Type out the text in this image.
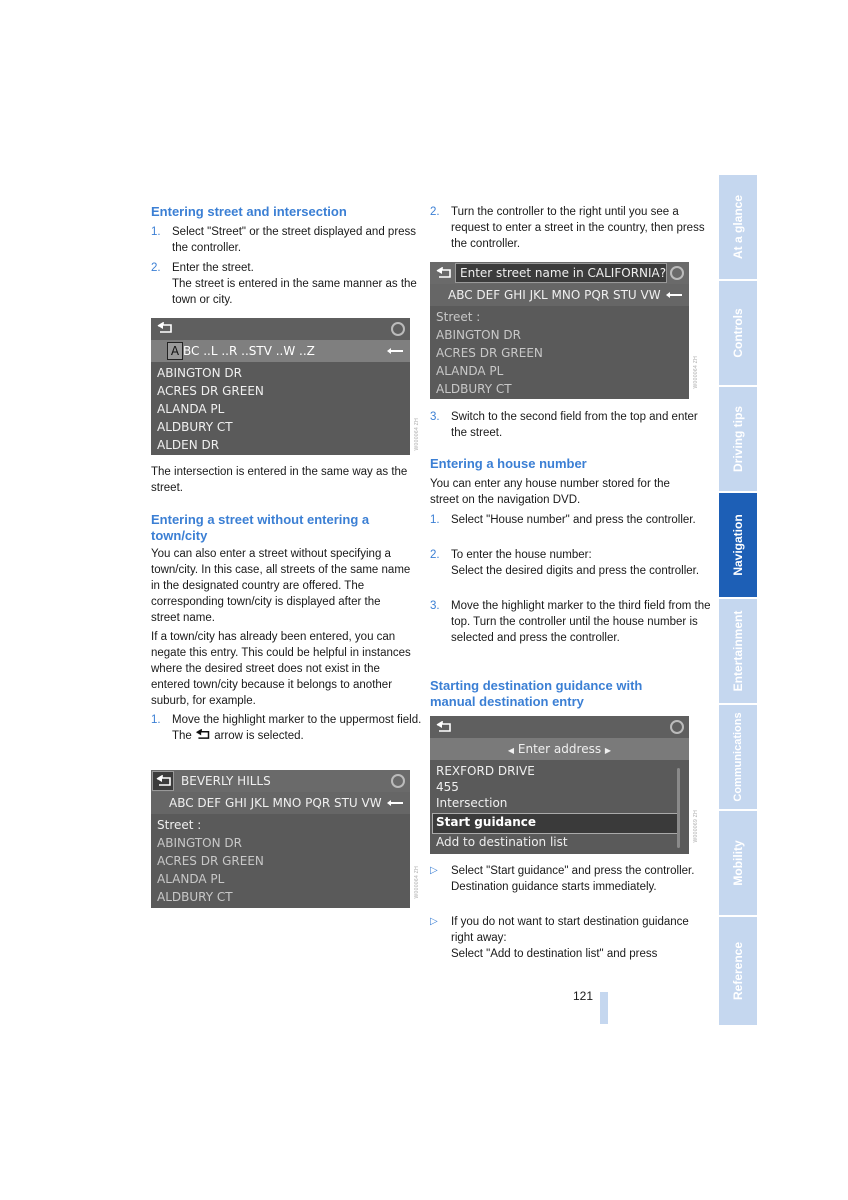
Entering street and intersection
1. Select "Street" or the street displayed and press the controller.
2. Enter the street.
The street is entered in the same manner as the town or city.
A BC ..L ..R ..STV ..W ..Z
ABINGTON DR
ACRES DR GREEN
ALANDA PL
ALDBURY CT
ALDEN DR	W000064 ZH
The intersection is entered in the same way as the street.
Entering a street without entering a town/city
You can also enter a street without specifying a town/city. In this case, all streets of the same name in the designated country are offered. The corresponding town/city is displayed after the street name.
If a town/city has already been entered, you can negate this entry. This could be helpful in instances where the desired street does not exist in the entered town/city because it belongs to another suburb, for example.
1. Move the highlight marker to the uppermost field.
The  arrow is selected.
BEVERLY HILLS
ABC DEF GHI JKL MNO PQR STU VW
Street :
ABINGTON DR
ACRES DR GREEN
ALANDA PL
ALDBURY CT	W000064 ZH
2. Turn the controller to the right until you see a request to enter a street in the country, then press the controller.
Enter street name in CALIFORNIA?
ABC DEF GHI JKL MNO PQR STU VW
Street :
ABINGTON DR
ACRES DR GREEN
ALANDA PL
ALDBURY CT
W000064 ZH
3. Switch to the second field from the top and enter the street.
Entering a house number
You can enter any house number stored for the street on the navigation DVD.
1. Select "House number" and press the controller.
2. To enter the house number:
Select the desired digits and press the controller.
3. Move the highlight marker to the third field from the top. Turn the controller until the house number is selected and press the controller.
Starting destination guidance with manual destination entry
◀ Enter address ▶
REXFORD DRIVE
455
Intersection
Start guidance
Add to destination list	W000069 ZH
▷ Select "Start guidance" and press the controller.
Destination guidance starts immediately.
▷ If you do not want to start destination guidance right away:
Select "Add to destination list" and press
121
At a glance
Controls
Driving tips
Navigation
Entertainment
Communications
Mobility
Reference
